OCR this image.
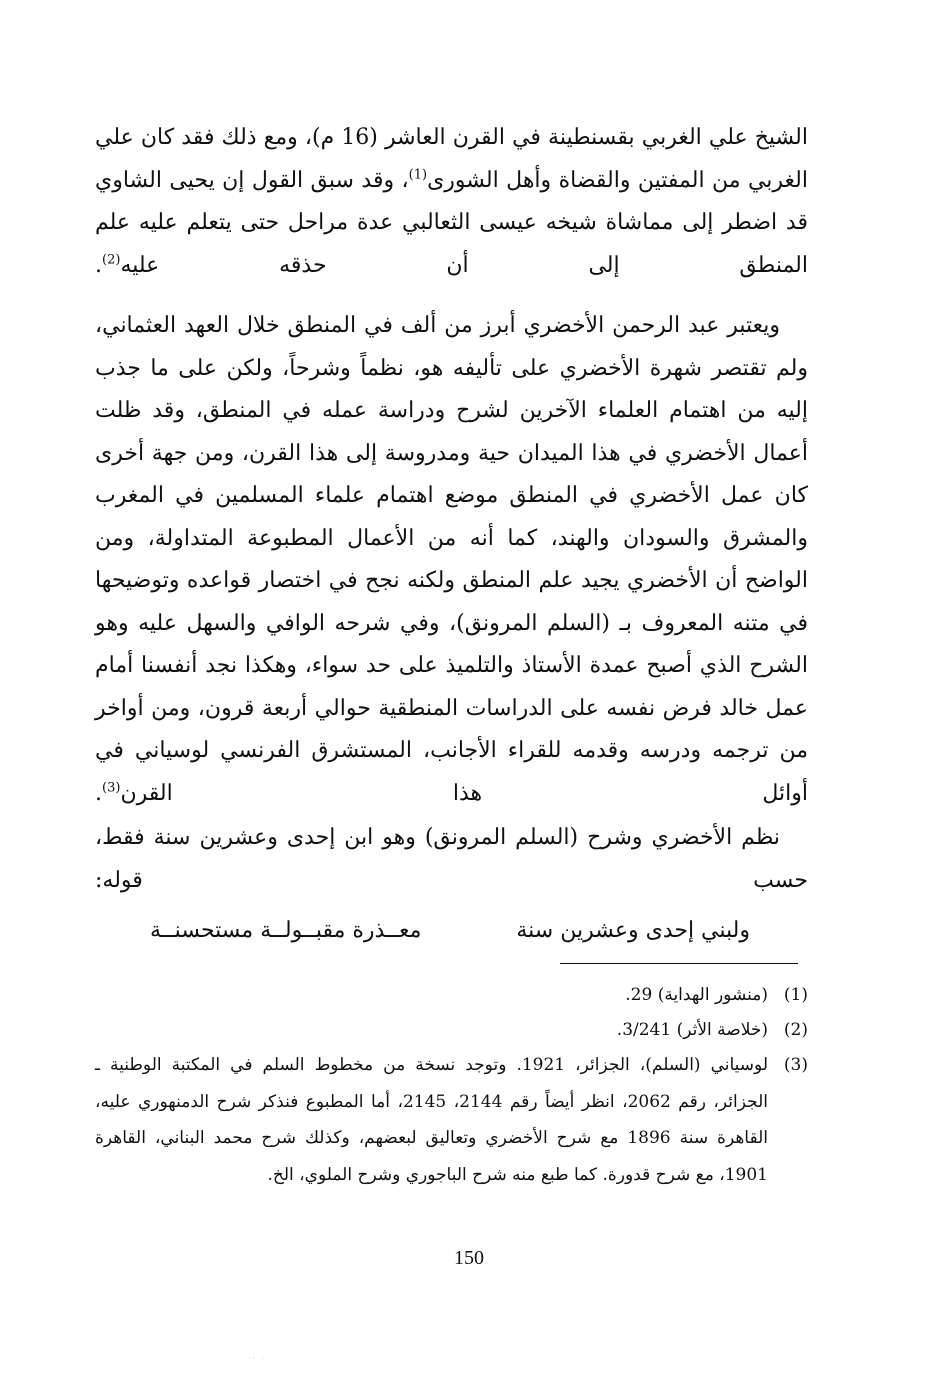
الشيخ علي الغربي بقسنطينة في القرن العاشر (16 م)، ومع ذلك فقد كان علي الغربي من المفتين والقضاة وأهل الشورى$^{(1)}$، وقد سبق القول إن يحيى الشاوي قد اضطر إلى مماشاة شيخه عيسى الثعالبي عدة مراحل حتى يتعلم عليه علم المنطق إلى أن حذقه عليه$^{(2)}$.

ويعتبر عبد الرحمن الأخضري أبرز من ألف في المنطق خلال العهد العثماني، ولم تقتصر شهرة الأخضري على تأليفه هو، نظماً وشرحاً، ولكن على ما جذب إليه من اهتمام العلماء الآخرين لشرح ودراسة عمله في المنطق، وقد ظلت أعمال الأخضري في هذا الميدان حية ومدروسة إلى هذا القرن، ومن جهة أخرى كان عمل الأخضري في المنطق موضع اهتمام علماء المسلمين في المغرب والمشرق والسودان والهند، كما أنه من الأعمال المطبوعة المتداولة، ومن الواضح أن الأخضري يجيد علم المنطق ولكنه نجح في اختصار قواعده وتوضيحها في متنه المعروف بـ (السلم المرونق)، وفي شرحه الوافي والسهل عليه وهو الشرح الذي أصبح عمدة الأستاذ والتلميذ على حد سواء، وهكذا نجد أنفسنا أمام عمل خالد فرض نفسه على الدراسات المنطقية حوالي أربعة قرون، ومن أواخر من ترجمه ودرسه وقدمه للقراء الأجانب، المستشرق الفرنسي لوسياني في أوائل هذا القرن$^{(3)}$.

نظم الأخضري وشرح (السلم المرونق) وهو ابن إحدى وعشرين سنة فقط، حسب قوله:

ولبني إحدى وعشرين سنة
معــذرة مقبــولــة مستحسنــة
(1)
(منشور الهداية) 29.
(2)
(خلاصة الأثر) 3/241.
(3)
لوسياني (السلم)، الجزائر، 1921. وتوجد نسخة من مخطوط السلم في المكتبة الوطنية ـ الجزائر، رقم 2062، انظر أيضاً رقم 2144، 2145، أما المطبوع فنذكر شرح الدمنهوري عليه، القاهرة سنة 1896 مع شرح الأخضري وتعاليق لبعضهم، وكذلك شرح محمد البناني، القاهرة 1901، مع شرح قدورة. كما طبع منه شرح الباجوري وشرح الملوي، الخ.
150
·· ·
